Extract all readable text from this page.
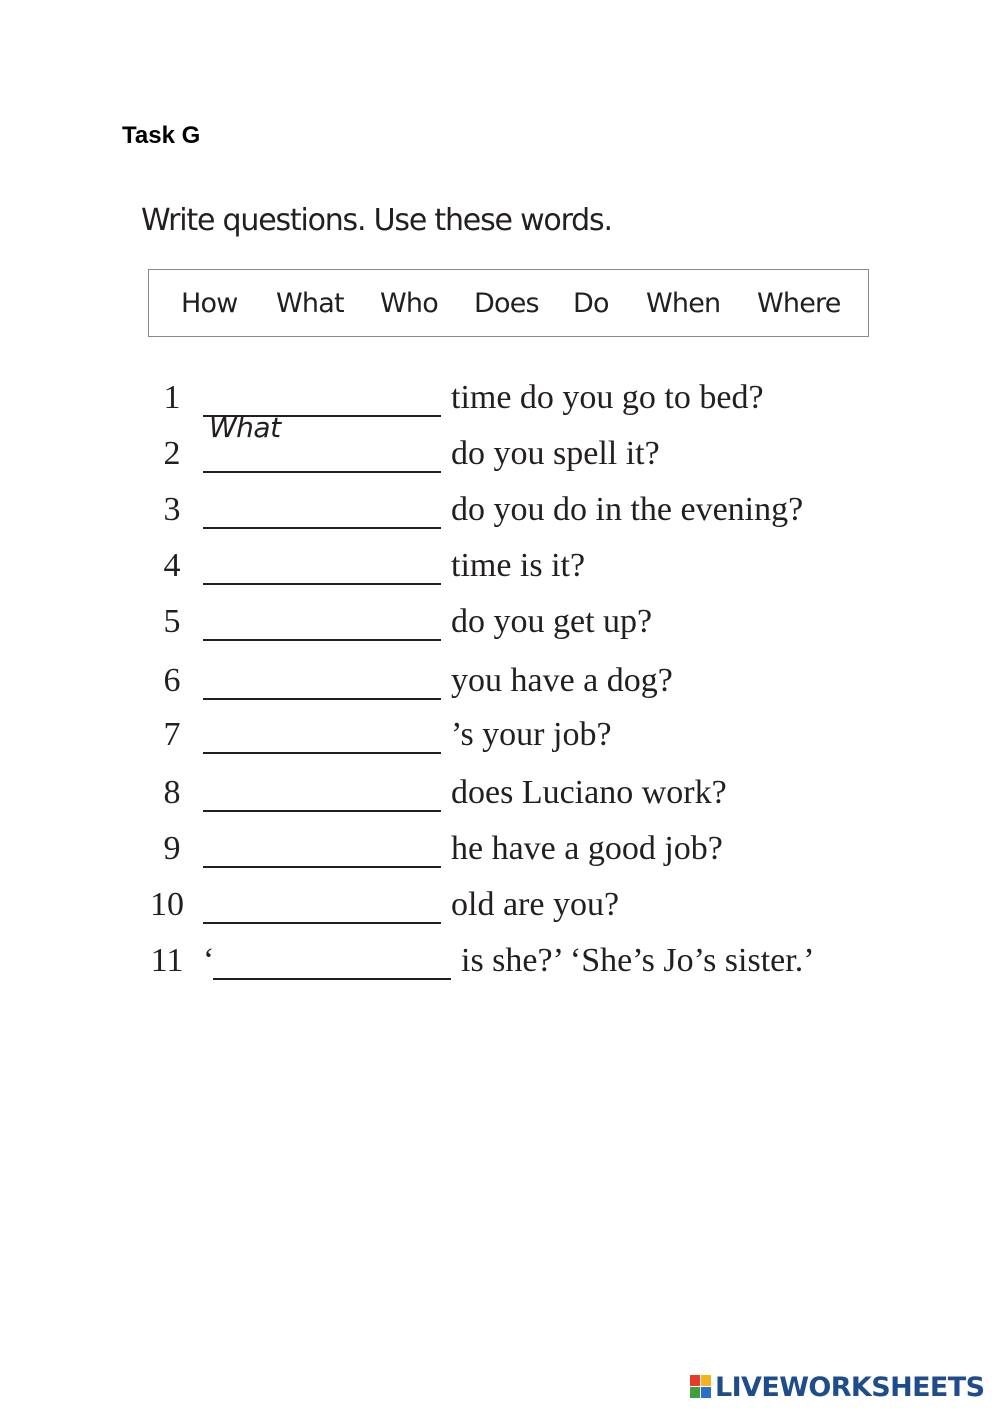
Task G
Write questions. Use these words.
How What Who Does Do When Where
1
What
time do you go to bed?
2	do you spell it?
3	do you do in the evening?
4	time is it?
5	do you get up?
6	you have a dog?
7	’s your job?
8	does Luciano work?
9	he have a good job?
10	old are you?
11 ‘	is she?’ ‘She’s Jo’s sister.’
LIVEWORKSHEETS
